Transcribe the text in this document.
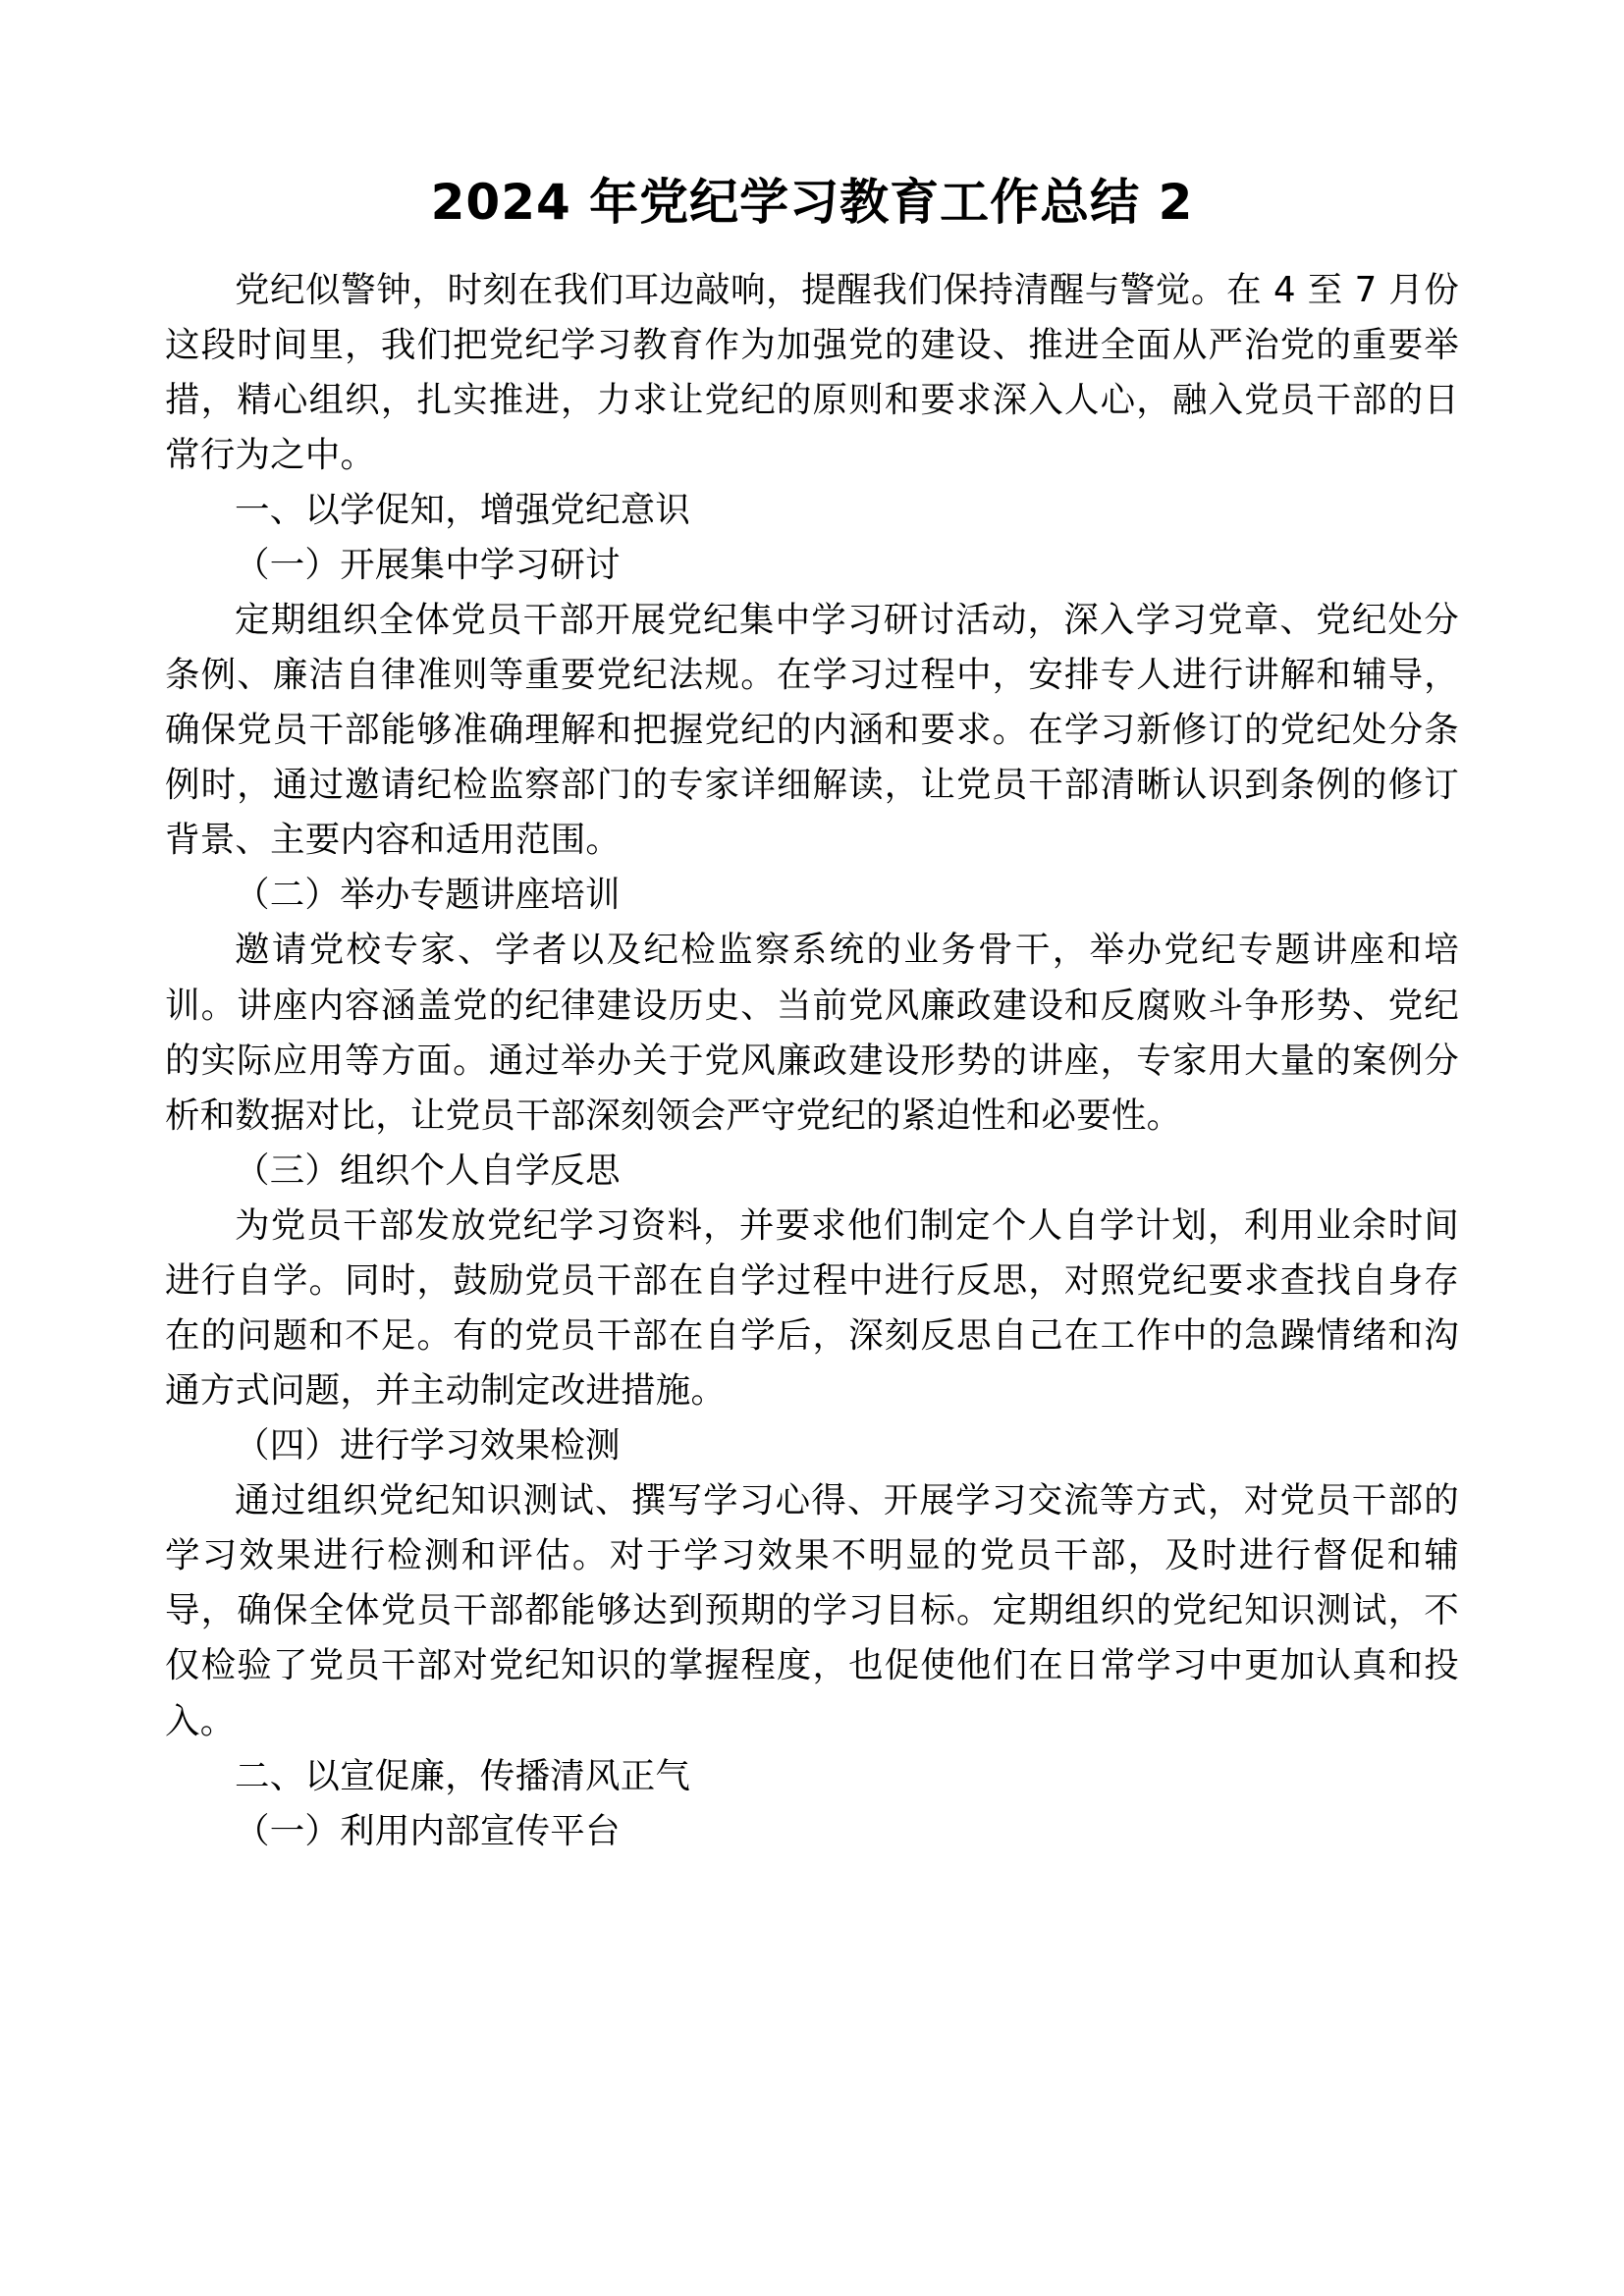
2024 年党纪学习教育工作总结 2

党纪似警钟，时刻在我们耳边敲响，提醒我们保持清醒与警觉。在 4 至 7 月份这段时间里，我们把党纪学习教育作为加强党的建设、推进全面从严治党的重要举措，精心组织，扎实推进，力求让党纪的原则和要求深入人心，融入党员干部的日常行为之中。

一、以学促知，增强党纪意识

（一）开展集中学习研讨

定期组织全体党员干部开展党纪集中学习研讨活动，深入学习党章、党纪处分条例、廉洁自律准则等重要党纪法规。在学习过程中，安排专人进行讲解和辅导，确保党员干部能够准确理解和把握党纪的内涵和要求。在学习新修订的党纪处分条例时，通过邀请纪检监察部门的专家详细解读，让党员干部清晰认识到条例的修订背景、主要内容和适用范围。

（二）举办专题讲座培训

邀请党校专家、学者以及纪检监察系统的业务骨干，举办党纪专题讲座和培训。讲座内容涵盖党的纪律建设历史、当前党风廉政建设和反腐败斗争形势、党纪的实际应用等方面。通过举办关于党风廉政建设形势的讲座，专家用大量的案例分析和数据对比，让党员干部深刻领会严守党纪的紧迫性和必要性。

（三）组织个人自学反思

为党员干部发放党纪学习资料，并要求他们制定个人自学计划，利用业余时间进行自学。同时，鼓励党员干部在自学过程中进行反思，对照党纪要求查找自身存在的问题和不足。有的党员干部在自学后，深刻反思自己在工作中的急躁情绪和沟通方式问题，并主动制定改进措施。

（四）进行学习效果检测

通过组织党纪知识测试、撰写学习心得、开展学习交流等方式，对党员干部的学习效果进行检测和评估。对于学习效果不明显的党员干部，及时进行督促和辅导，确保全体党员干部都能够达到预期的学习目标。定期组织的党纪知识测试，不仅检验了党员干部对党纪知识的掌握程度，也促使他们在日常学习中更加认真和投入。

二、以宣促廉，传播清风正气

（一）利用内部宣传平台
